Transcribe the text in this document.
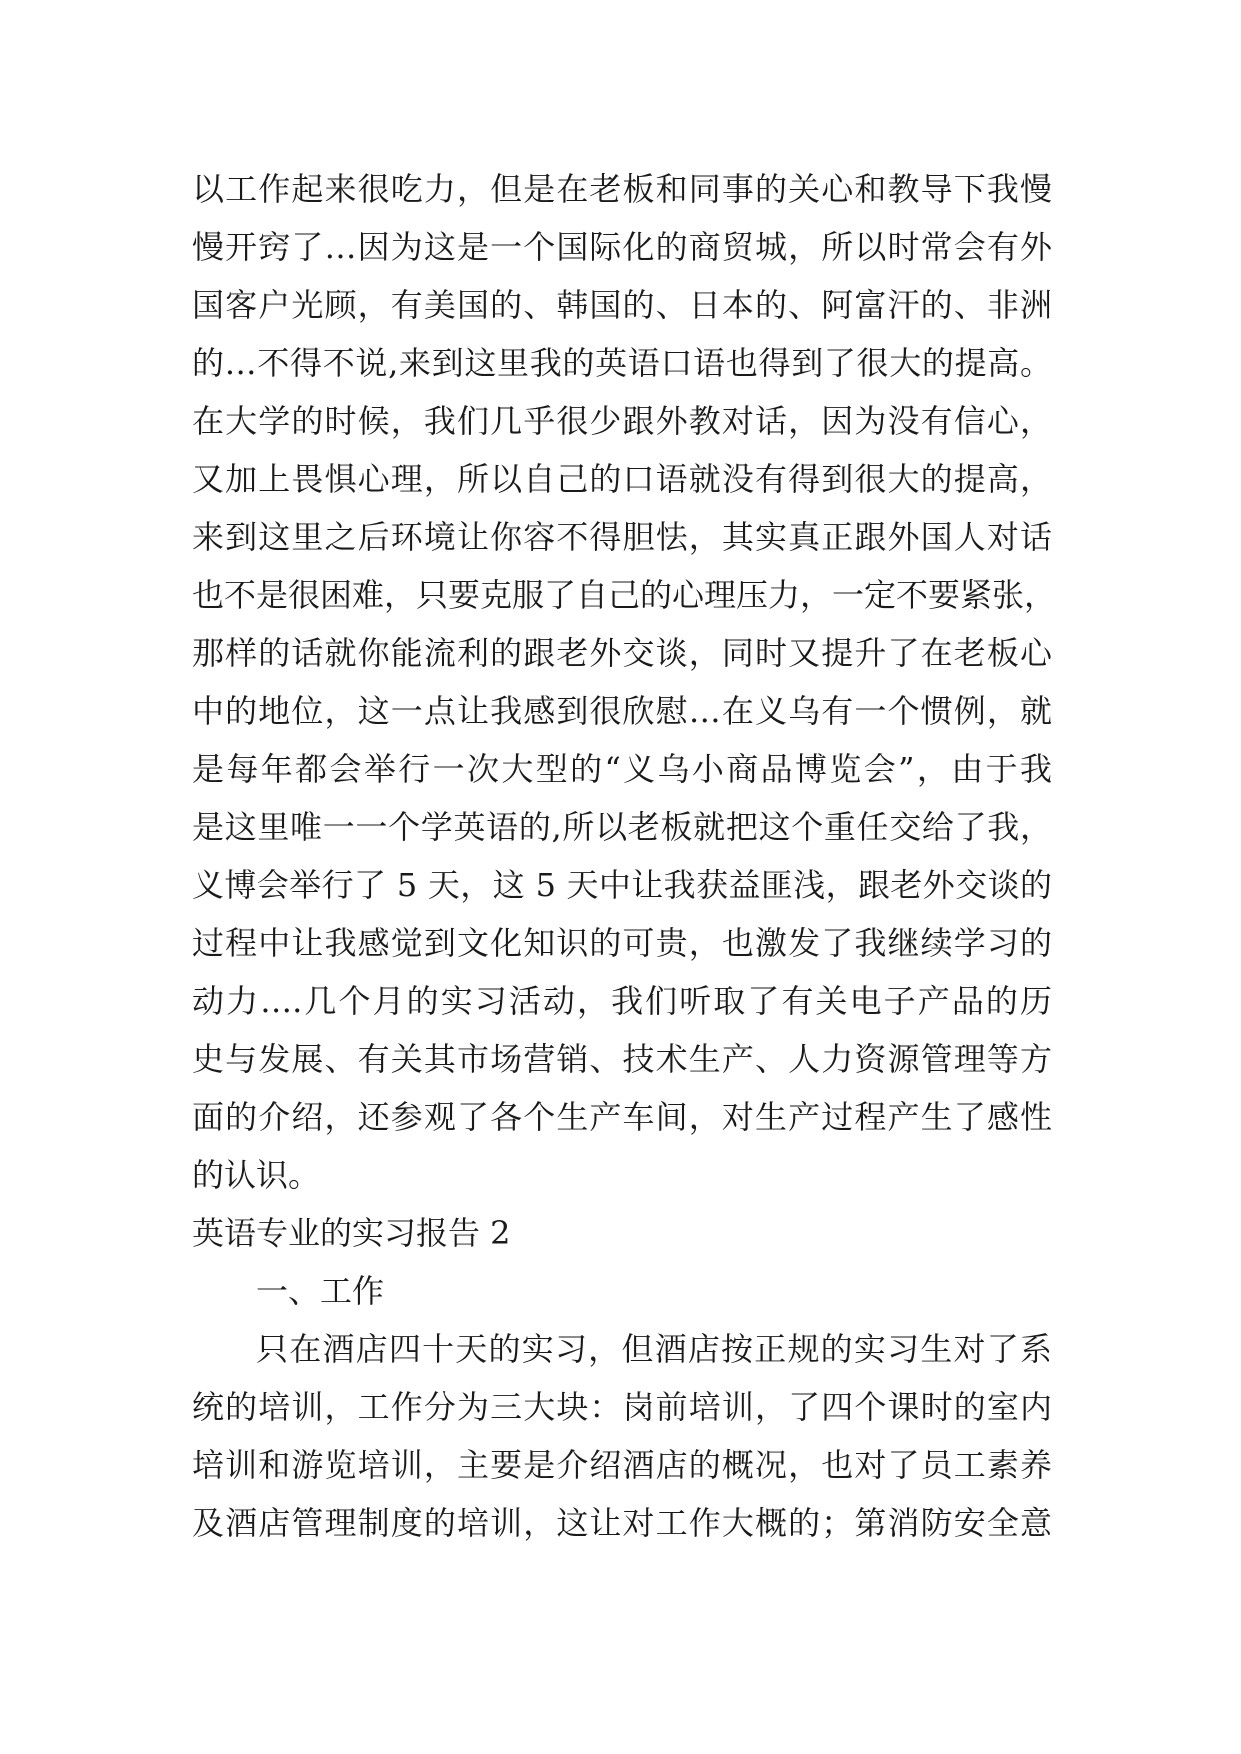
以工作起来很吃力，但是在老板和同事的关心和教导下我慢
慢开窍了…因为这是一个国际化的商贸城，所以时常会有外
国客户光顾，有美国的、韩国的、日本的、阿富汗的、非洲
的…不得不说,来到这里我的英语口语也得到了很大的提高。
在大学的时候，我们几乎很少跟外教对话，因为没有信心，
又加上畏惧心理，所以自己的口语就没有得到很大的提高，
来到这里之后环境让你容不得胆怯，其实真正跟外国人对话
也不是很困难，只要克服了自己的心理压力，一定不要紧张，
那样的话就你能流利的跟老外交谈，同时又提升了在老板心
中的地位，这一点让我感到很欣慰…在义乌有一个惯例，就
是每年都会举行一次大型的“义乌小商品博览会”，由于我
是这里唯一一个学英语的,所以老板就把这个重任交给了我，
义博会举行了 5 天，这 5 天中让我获益匪浅，跟老外交谈的
过程中让我感觉到文化知识的可贵，也激发了我继续学习的
动力….几个月的实习活动，我们听取了有关电子产品的历
史与发展、有关其市场营销、技术生产、人力资源管理等方
面的介绍，还参观了各个生产车间，对生产过程产生了感性
的认识。
英语专业的实习报告 2
一、工作
只在酒店四十天的实习，但酒店按正规的实习生对了系
统的培训，工作分为三大块：岗前培训，了四个课时的室内
培训和游览培训，主要是介绍酒店的概况，也对了员工素养
及酒店管理制度的培训，这让对工作大概的；第消防安全意
